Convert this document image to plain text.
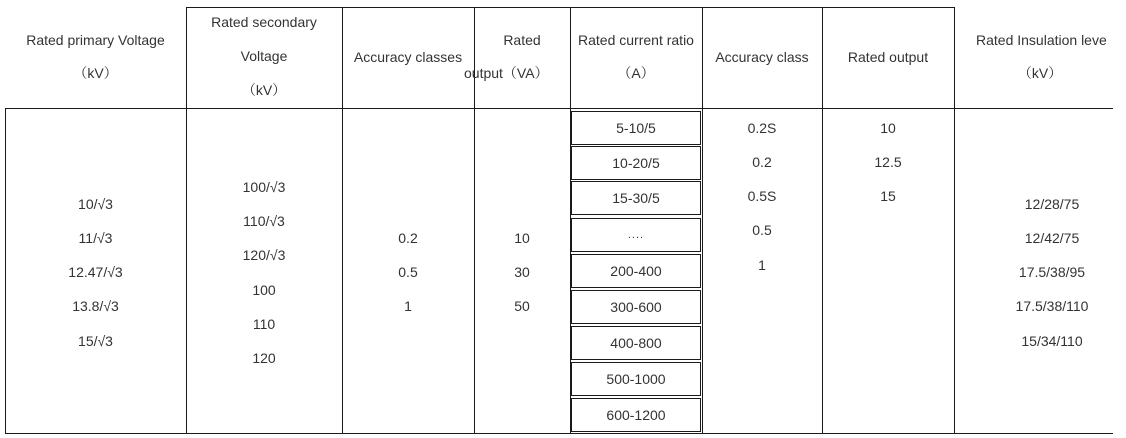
Rated primary Voltage
（kV）
Rated secondary
Voltage
（kV）
Accuracy classes
Rated
output（VA）
Rated current ratio
（A）
Accuracy class	Rated output
Rated Insulation leve
（kV）
10/√3
11/√3
12.47/√3
13.8/√3
15/√3
100/√3
110/√3
120/√3
100
110
120
0.2
0.5
1
10
30
50
5-10/5
10-20/5
15-30/5
....
200-400
300-600
400-800
500-1000
600-1200
0.2S
0.2
0.5S
0.5
1
10
12.5
15	12/28/75
12/42/75
17.5/38/95
17.5/38/110
15/34/110
